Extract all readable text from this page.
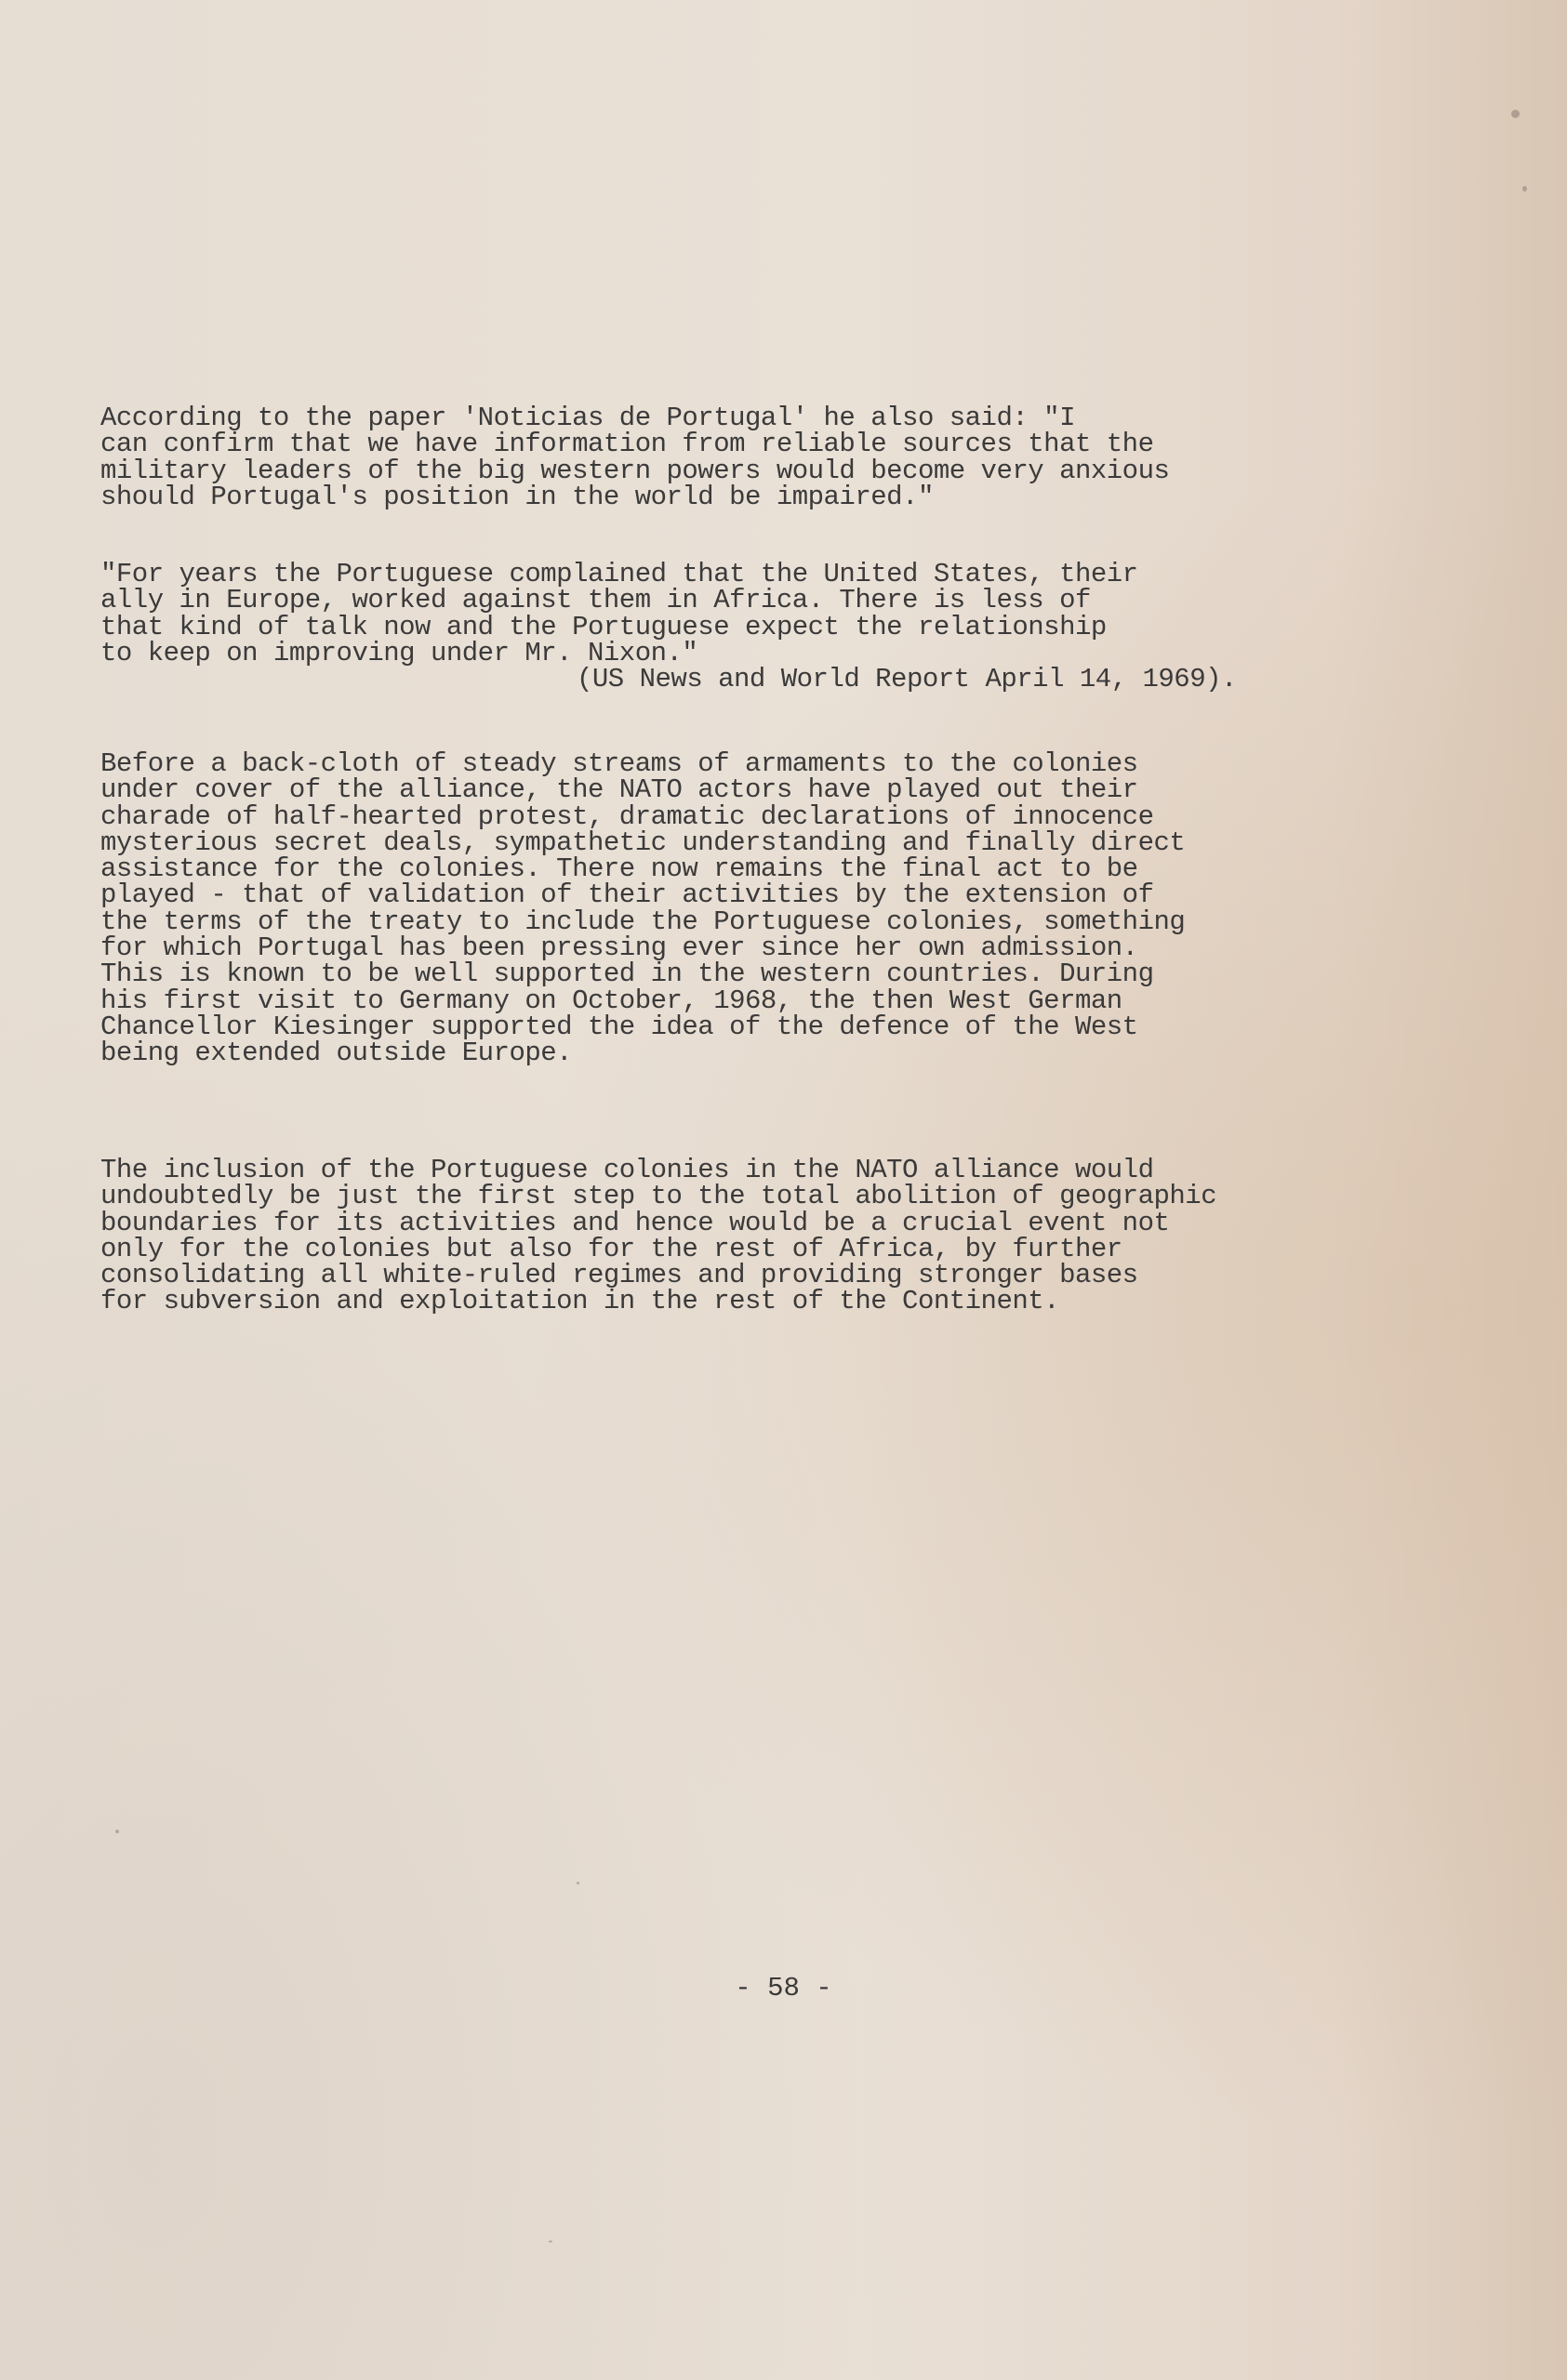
According to the paper 'Noticias de Portugal' he also said: "I
can confirm that we have information from reliable sources that the
military leaders of the big western powers would become very anxious
should Portugal's position in the world be impaired."
"For years the Portuguese complained that the United States, their
ally in Europe, worked against them in Africa. There is less of
that kind of talk now and the Portuguese expect the relationship
to keep on improving under Mr. Nixon."
(US News and World Report April 14, 1969).
Before a back-cloth of steady streams of armaments to the colonies
under cover of the alliance, the NATO actors have played out their
charade of half-hearted protest, dramatic declarations of innocence
mysterious secret deals, sympathetic understanding and finally direct
assistance for the colonies. There now remains the final act to be
played - that of validation of their activities by the extension of
the terms of the treaty to include the Portuguese colonies, something
for which Portugal has been pressing ever since her own admission.
This is known to be well supported in the western countries. During
his first visit to Germany on October, 1968, the then West German
Chancellor Kiesinger supported the idea of the defence of the West
being extended outside Europe.
The inclusion of the Portuguese colonies in the NATO alliance would
undoubtedly be just the first step to the total abolition of geographic
boundaries for its activities and hence would be a crucial event not
only for the colonies but also for the rest of Africa, by further
consolidating all white-ruled regimes and providing stronger bases
for subversion and exploitation in the rest of the Continent.
- 58 -
